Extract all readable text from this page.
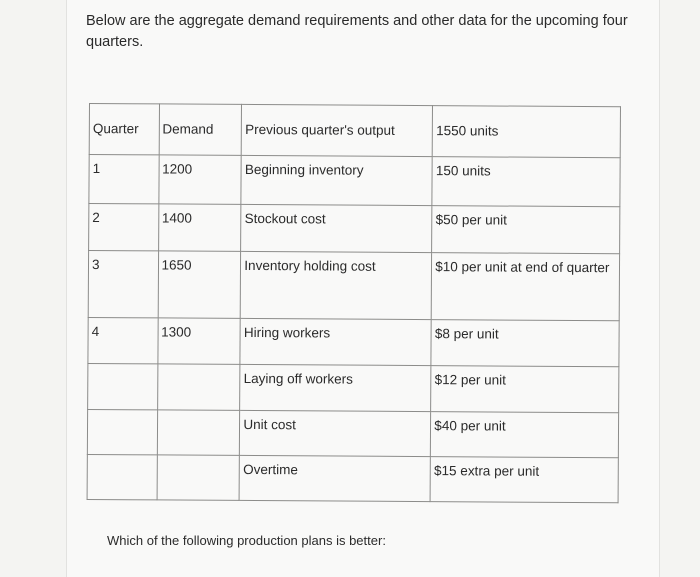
Below are the aggregate demand requirements and other data for the upcoming four quarters.
Quarter	Demand	Previous quarter's output	1550 units
1	1200	Beginning inventory	150 units
2	1400	Stockout cost	$50 per unit
3	1650	Inventory holding cost	$10 per unit at end of quarter
4	1300	Hiring workers	$8 per unit
		Laying off workers	$12 per unit
		Unit cost	$40 per unit
		Overtime	$15 extra per unit
Which of the following production plans is better:
